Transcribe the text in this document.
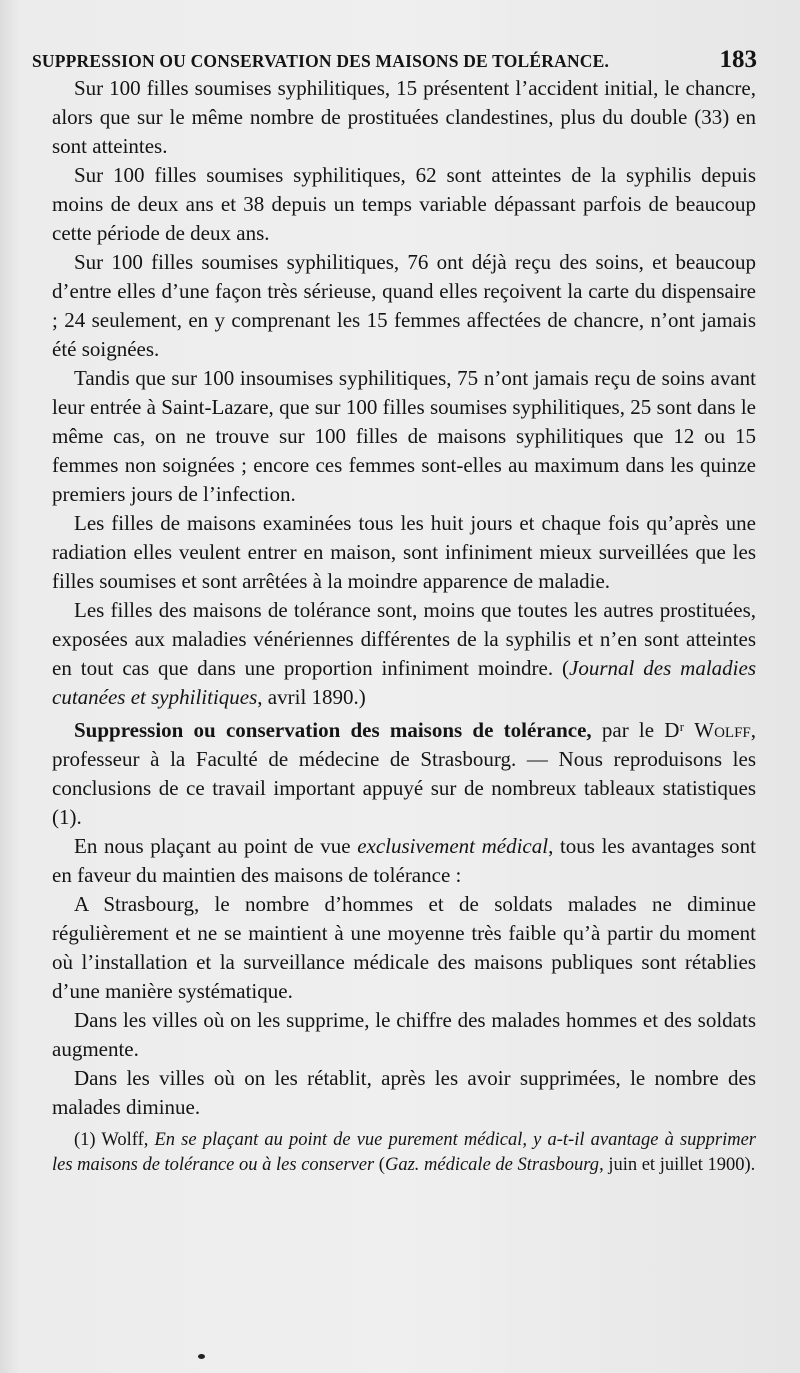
SUPPRESSION OU CONSERVATION DES MAISONS DE TOLÉRANCE.	183

Sur 100 filles soumises syphilitiques, 15 présentent l’accident initial, le chancre, alors que sur le même nombre de prostituées clandestines, plus du double (33) en sont atteintes.

Sur 100 filles soumises syphilitiques, 62 sont atteintes de la syphilis depuis moins de deux ans et 38 depuis un temps variable dépassant parfois de beaucoup cette période de deux ans.

Sur 100 filles soumises syphilitiques, 76 ont déjà reçu des soins, et beaucoup d’entre elles d’une façon très sérieuse, quand elles reçoivent la carte du dispensaire ; 24 seulement, en y comprenant les 15 femmes affectées de chancre, n’ont jamais été soignées.

Tandis que sur 100 insoumises syphilitiques, 75 n’ont jamais reçu de soins avant leur entrée à Saint-Lazare, que sur 100 filles soumises syphilitiques, 25 sont dans le même cas, on ne trouve sur 100 filles de maisons syphilitiques que 12 ou 15 femmes non soignées ; encore ces femmes sont-elles au maximum dans les quinze premiers jours de l’infection.

Les filles de maisons examinées tous les huit jours et chaque fois qu’après une radiation elles veulent entrer en maison, sont infiniment mieux surveillées que les filles soumises et sont arrêtées à la moindre apparence de maladie.

Les filles des maisons de tolérance sont, moins que toutes les autres prostituées, exposées aux maladies vénériennes différentes de la syphilis et n’en sont atteintes en tout cas que dans une proportion infiniment moindre. (Journal des maladies cutanées et syphilitiques, avril 1890.)

Suppression ou conservation des maisons de tolérance, par le Dʳ Wolff, professeur à la Faculté de médecine de Strasbourg. — Nous reproduisons les conclusions de ce travail important appuyé sur de nombreux tableaux statistiques (1).

En nous plaçant au point de vue exclusivement médical, tous les avantages sont en faveur du maintien des maisons de tolérance :

A Strasbourg, le nombre d’hommes et de soldats malades ne diminue régulièrement et ne se maintient à une moyenne très faible qu’à partir du moment où l’installation et la surveillance médicale des maisons publiques sont rétablies d’une manière systématique.

Dans les villes où on les supprime, le chiffre des malades hommes et des soldats augmente.

Dans les villes où on les rétablit, après les avoir supprimées, le nombre des malades diminue.

(1) Wolff, En se plaçant au point de vue purement médical, y a-t-il avantage à supprimer les maisons de tolérance ou à les conserver (Gaz. médicale de Strasbourg, juin et juillet 1900).
